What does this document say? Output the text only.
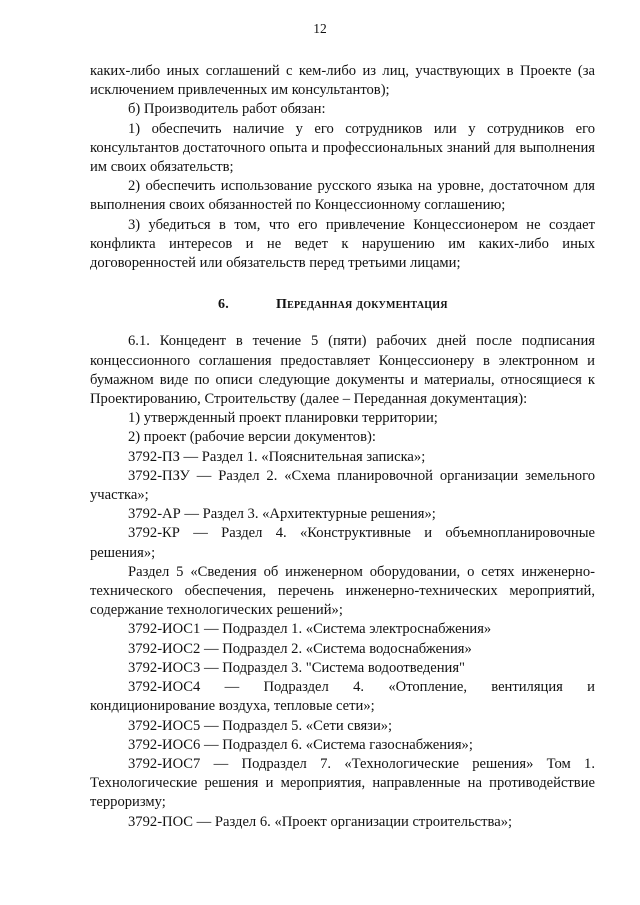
12

каких-либо иных соглашений с кем-либо из лиц, участвующих в Проекте (за исключением привлеченных им консультантов);

б) Производитель работ обязан:

1) обеспечить наличие у его сотрудников или у сотрудников его консультантов достаточного опыта и профессиональных знаний для выполнения им своих обязательств;

2) обеспечить использование русского языка на уровне, достаточном для выполнения своих обязанностей по Концессионному соглашению;

3) убедиться в том, что его привлечение Концессионером не создает конфликта интересов и не ведет к нарушению им каких-либо иных договоренностей или обязательств перед третьими лицами;

6.	Переданная документация

6.1. Концедент в течение 5 (пяти) рабочих дней после подписания концессионного соглашения предоставляет Концессионеру в электронном и бумажном виде по описи следующие документы и материалы, относящиеся к Проектированию, Строительству (далее – Переданная документация):

1) утвержденный проект планировки территории;

2) проект (рабочие версии документов):

3792-ПЗ — Раздел 1. «Пояснительная записка»;

3792-ПЗУ — Раздел 2. «Схема планировочной организации земельного участка»;

3792-АР — Раздел 3. «Архитектурные решения»;

3792-КР — Раздел 4. «Конструктивные и объемнопланировочные решения»;

Раздел 5 «Сведения об инженерном оборудовании, о сетях инженерно-технического обеспечения, перечень инженерно-технических мероприятий, содержание технологических решений»;

3792-ИОС1 — Подраздел 1. «Система электроснабжения»

3792-ИОС2 — Подраздел 2. «Система водоснабжения»

3792-ИОС3 — Подраздел 3. "Система водоотведения"

3792-ИОС4 — Подраздел 4. «Отопление, вентиляция и кондиционирование воздуха, тепловые сети»;

3792-ИОС5 — Подраздел 5. «Сети связи»;

3792-ИОС6 — Подраздел 6. «Система газоснабжения»;

3792-ИОС7 — Подраздел 7. «Технологические решения» Том 1. Технологические решения и мероприятия, направленные на противодействие терроризму;

3792-ПОС — Раздел 6. «Проект организации строительства»;
